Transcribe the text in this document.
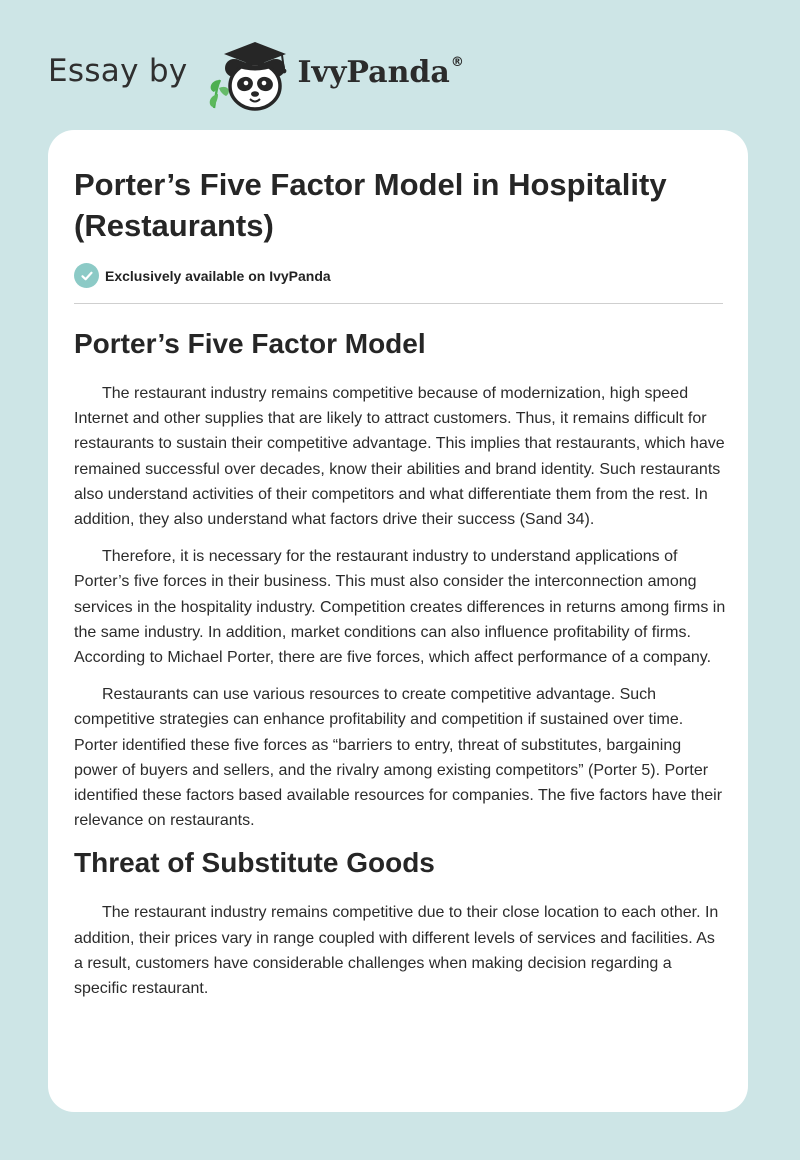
Essay by	IvyPanda®
Porter’s Five Factor Model in Hospitality (Restaurants)
Exclusively available on IvyPanda
Porter’s Five Factor Model

The restaurant industry remains competitive because of modernization, high speed Internet and other supplies that are likely to attract customers. Thus, it remains difficult for restaurants to sustain their competitive advantage. This implies that restaurants, which have remained successful over decades, know their abilities and brand identity. Such restaurants also understand activities of their competitors and what differentiate them from the rest. In addition, they also understand what factors drive their success (Sand 34).

Therefore, it is necessary for the restaurant industry to understand applications of Porter’s five forces in their business. This must also consider the interconnection among services in the hospitality industry. Competition creates differences in returns among firms in the same industry. In addition, market conditions can also influence profitability of firms. According to Michael Porter, there are five forces, which affect performance of a company.

Restaurants can use various resources to create competitive advantage. Such competitive strategies can enhance profitability and competition if sustained over time. Porter identified these five forces as “barriers to entry, threat of substitutes, bargaining power of buyers and sellers, and the rivalry among existing competitors” (Porter 5). Porter identified these factors based available resources for companies. The five factors have their relevance on restaurants.

Threat of Substitute Goods

The restaurant industry remains competitive due to their close location to each other. In addition, their prices vary in range coupled with different levels of services and facilities. As a result, customers have considerable challenges when making decision regarding a specific restaurant.
